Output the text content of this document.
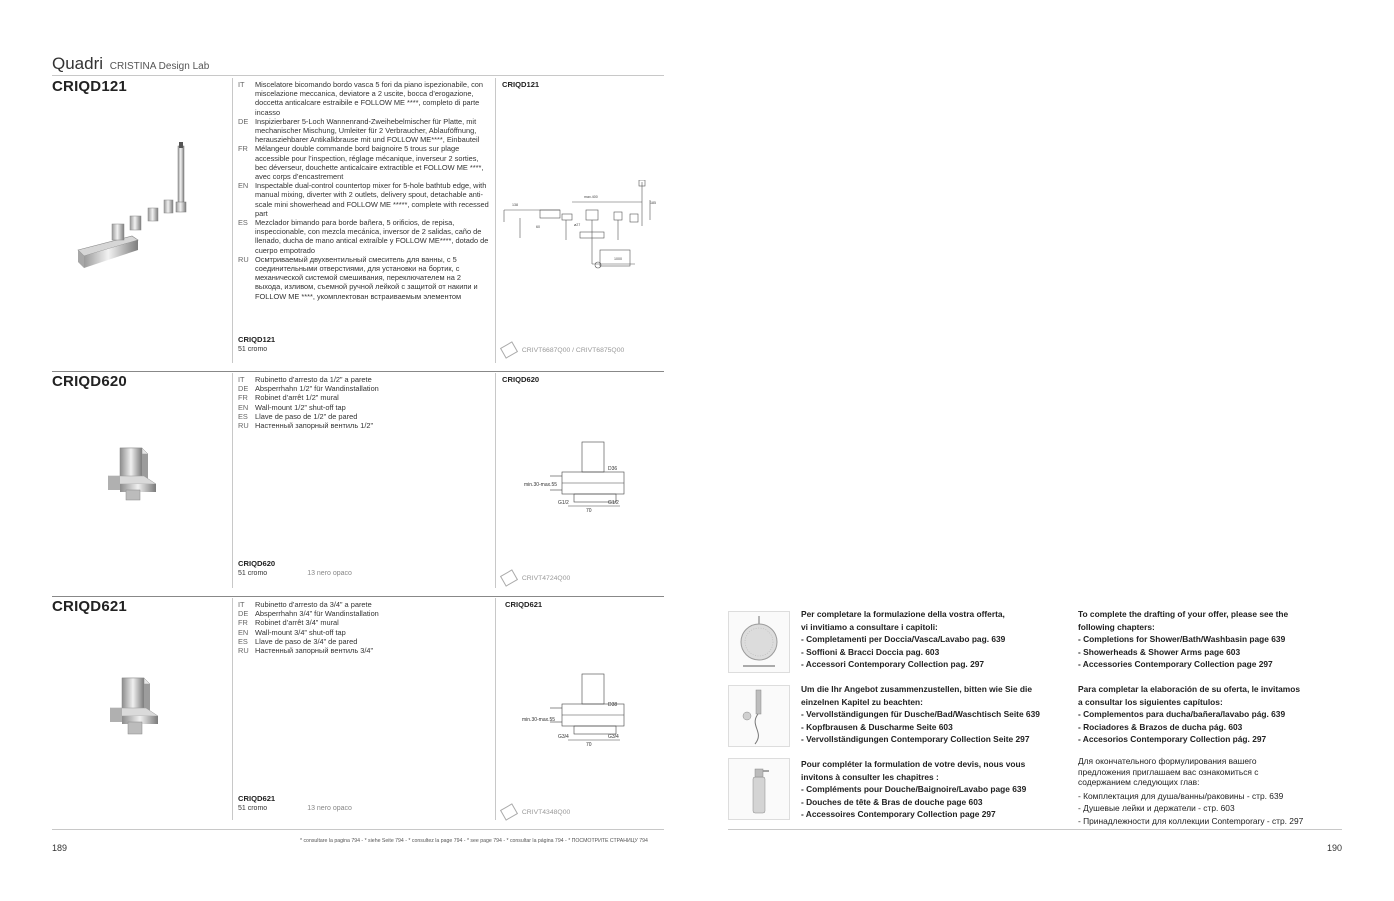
Quadri CRISTINA Design Lab
CRIQD121	IT	Miscelatore bicomando bordo vasca 5 fori da piano ispezionabile, con miscelazione meccanica, deviatore a 2 uscite, bocca d’erogazione, doccetta anticalcare estraibile e FOLLOW ME ****, completo di parte incasso
DE Inspizierbarer 5-Loch Wannenrand-Zweihebelmischer für Platte, mit mechanischer Mischung, Umleiter für 2 Verbraucher, Ablauföffnung, herausziehbarer Antikalkbrause mit und FOLLOW ME****, Einbauteil
FR Mélangeur double commande bord baignoire 5 trous sur plage accessible pour l’inspection, réglage mécanique, inverseur 2 sorties, bec déverseur, douchette anticalcaire extractible et FOLLOW ME ****, avec corps d’encastrement
EN Inspectable dual-control countertop mixer for 5-hole bathtub edge, with manual mixing, diverter with 2 outlets, delivery spout, detachable anti-scale mini showerhead and FOLLOW ME *****, complete with recessed part
ES Mezclador bimando para borde bañera, 5 orificios, de repisa, inspeccionable, con mezcla mecánica, inversor de 2 salidas, caño de llenado, ducha de mano antical extraíble y FOLLOW ME****, dotado de cuerpo empotrado
RU Осмтриваемый двухвентильный смеситель для ванны, с 5 соединительными отверстиями, для установки на бортик, с механической системой смешивания, переключателем на 2 выхода, изливом, съемной ручной лейкой с защитой от накипи и FOLLOW ME ****, укомплектован встраиваемым элементом
CRIQD121
51 cromo
CRIQD121
138
max.400
60
185
ø27
1000
CRIVT6687Q00 / CRIVT6875Q00
CRIQD620	IT	Rubinetto d’arresto da 1/2” a parete
DE Absperrhahn 1/2” für Wandinstallation
FR Robinet d’arrêt 1/2” mural
EN Wall-mount 1/2” shut-off tap
ES Llave de paso de 1/2” de pared
RU Настенный запорный вентиль 1/2”
CRIQD620
51 cromo	13 nero opaco
CRIQD620
D36
min.30-max.55
G1/2	G1/2
70
CRIVT4724Q00
CRIQD621	IT	Rubinetto d’arresto da 3/4” a parete
DE Absperrhahn 3/4” für Wandinstallation
FR Robinet d’arrêt 3/4” mural
EN Wall-mount 3/4” shut-off tap
ES Llave de paso de 3/4” de pared
RU Настенный запорный вентиль 3/4”
CRIQD621
51 cromo	13 nero opaco
CRIQD621
D38
min.30-max.55
G3/4	G3/4
70
CRIVT4348Q00
* consultare la pagina 794 - * siehe Seite 794 - * consultez la page 794 - * see page 794 - * consultar la página 794 - * ПОСМОТРИТЕ СТРАНИЦУ 794
189
Per completare la formulazione della vostra offerta,
vi invitiamo a consultare i capitoli:
- Completamenti per Doccia/Vasca/Lavabo pag. 639
- Soffioni & Bracci Doccia pag. 603
- Accessori Contemporary Collection pag. 297
To complete the drafting of your offer, please see the
following chapters:
- Completions for Shower/Bath/Washbasin page 639
- Showerheads & Shower Arms page 603
- Accessories Contemporary Collection page 297
Um die Ihr Angebot zusammenzustellen, bitten wie Sie die
einzelnen Kapitel zu beachten:
- Vervollständigungen für Dusche/Bad/Waschtisch Seite 639
- Kopfbrausen & Duscharme Seite 603
- Vervollständigungen Contemporary Collection Seite 297
Para completar la elaboración de su oferta, le invitamos
a consultar los siguientes capítulos:
- Complementos para ducha/bañera/lavabo pág. 639
- Rociadores & Brazos de ducha pág. 603
- Accesorios Contemporary Collection pág. 297
Pour compléter la formulation de votre devis, nous vous
invitons à consulter les chapitres :
- Compléments pour Douche/Baignoire/Lavabo page 639
- Douches de tête & Bras de douche page 603
- Accessoires Contemporary Collection page 297
Для окончательного формулирования вашего
предложения приглашаем вас ознакомиться с
содержанием следующих глав:
- Комплектация для душа/ванны/раковины - стр. 639
- Душевые лейки и держатели - стр. 603
- Принадлежности для коллекции Contemporary - стр. 297
190
